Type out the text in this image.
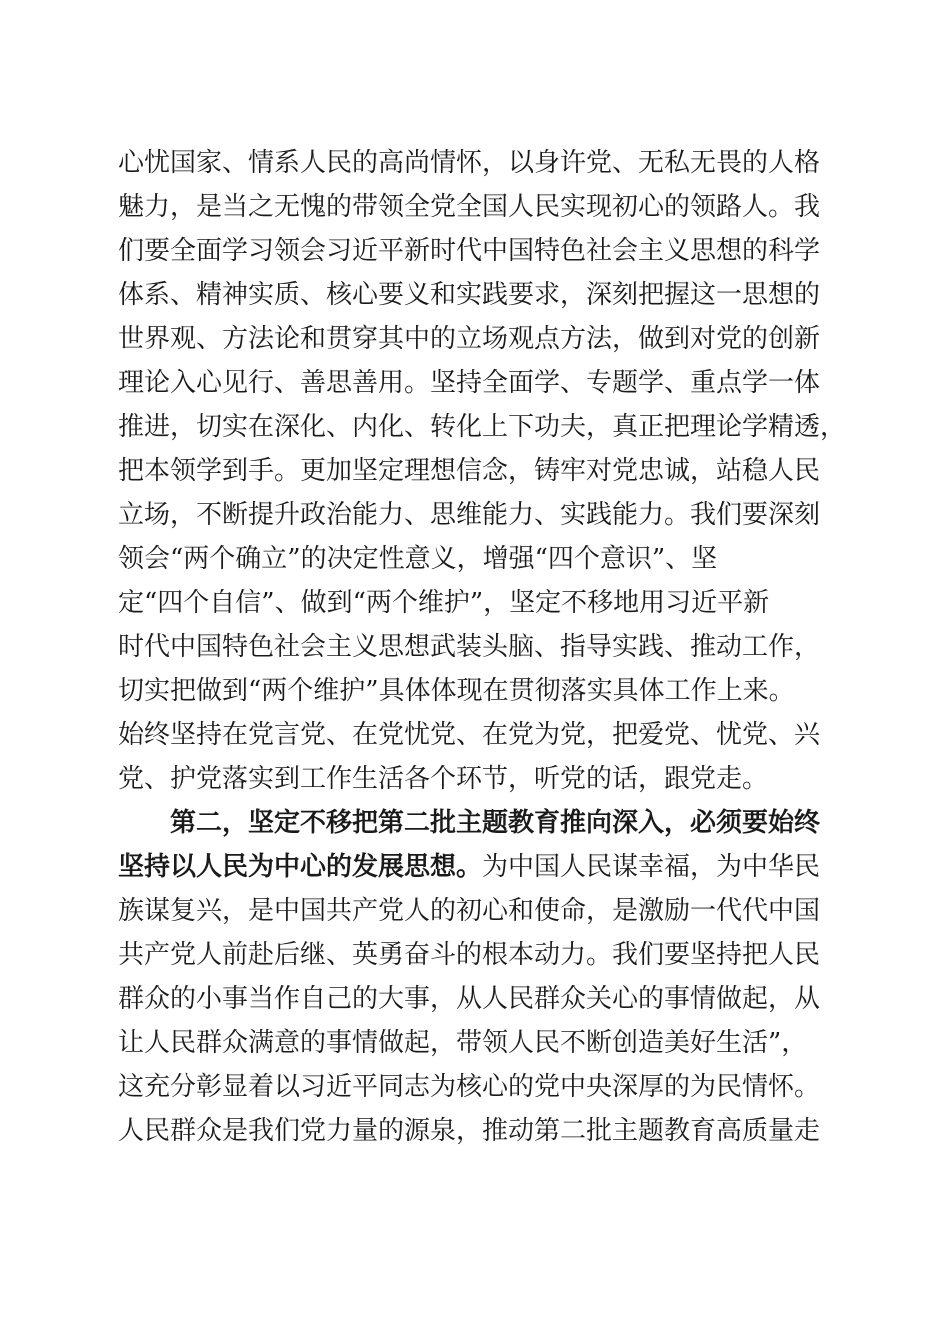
心忧国家、情系人民的高尚情怀，以身许党、无私无畏的人格
魅力，是当之无愧的带领全党全国人民实现初心的领路人。我
们要全面学习领会习近平新时代中国特色社会主义思想的科学
体系、精神实质、核心要义和实践要求，深刻把握这一思想的
世界观、方法论和贯穿其中的立场观点方法，做到对党的创新
理论入心见行、善思善用。坚持全面学、专题学、重点学一体
推进，切实在深化、内化、转化上下功夫，真正把理论学精透，
把本领学到手。更加坚定理想信念，铸牢对党忠诚，站稳人民
立场，不断提升政治能力、思维能力、实践能力。我们要深刻
领会“两个确立”的决定性意义，增强“四个意识”、坚
定“四个自信”、做到“两个维护”，坚定不移地用习近平新
时代中国特色社会主义思想武装头脑、指导实践、推动工作，
切实把做到“两个维护”具体体现在贯彻落实具体工作上来。
始终坚持在党言党、在党忧党、在党为党，把爱党、忧党、兴
党、护党落实到工作生活各个环节，听党的话，跟党走。
第二，坚定不移把第二批主题教育推向深入，必须要始终
坚持以人民为中心的发展思想。为中国人民谋幸福，为中华民
族谋复兴，是中国共产党人的初心和使命，是激励一代代中国
共产党人前赴后继、英勇奋斗的根本动力。我们要坚持把人民
群众的小事当作自己的大事，从人民群众关心的事情做起，从
让人民群众满意的事情做起，带领人民不断创造美好生活”，
这充分彰显着以习近平同志为核心的党中央深厚的为民情怀。
人民群众是我们党力量的源泉，推动第二批主题教育高质量走
